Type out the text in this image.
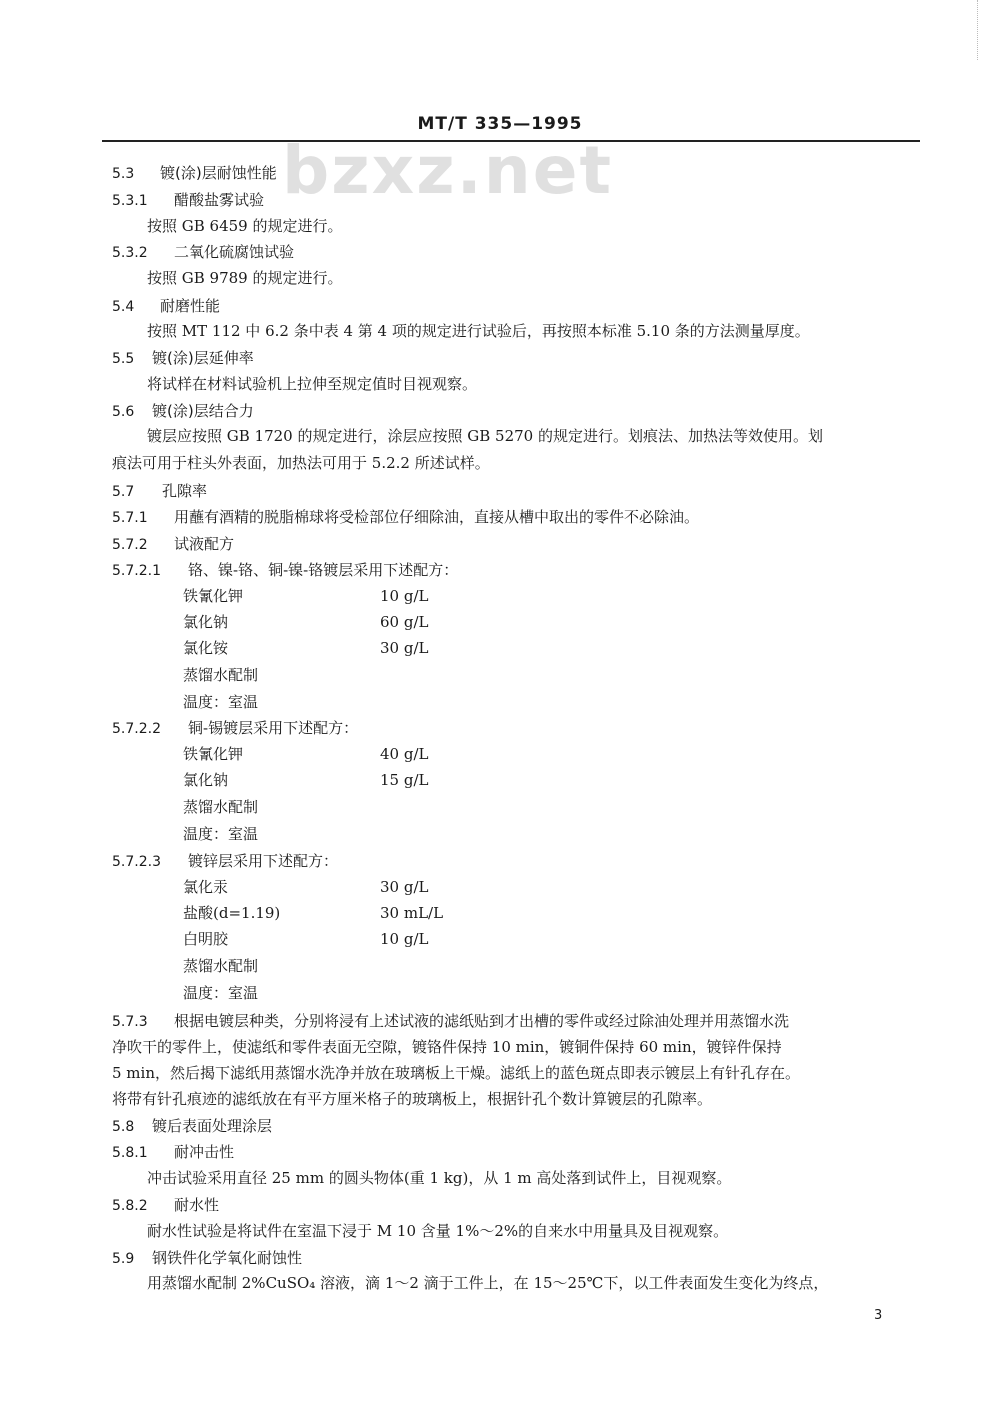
MT/T 335—1995
bzxz.net
5.3 镀(涂)层耐蚀性能
5.3.1 醋酸盐雾试验
按照 GB 6459 的规定进行。
5.3.2 二氧化硫腐蚀试验
按照 GB 9789 的规定进行。
5.4 耐磨性能
按照 MT 112 中 6.2 条中表 4 第 4 项的规定进行试验后，再按照本标准 5.10 条的方法测量厚度。
5.5 镀(涂)层延伸率
将试样在材料试验机上拉伸至规定值时目视观察。
5.6 镀(涂)层结合力
镀层应按照 GB 1720 的规定进行，涂层应按照 GB 5270 的规定进行。划痕法、加热法等效使用。划
痕法可用于柱头外表面，加热法可用于 5.2.2 所述试样。
5.7 孔隙率
5.7.1 用蘸有酒精的脱脂棉球将受检部位仔细除油，直接从槽中取出的零件不必除油。
5.7.2 试液配方
5.7.2.1 铬、镍-铬、铜-镍-铬镀层采用下述配方：
铁氰化钾	10 g/L
氯化钠	60 g/L
氯化铵	30 g/L
蒸馏水配制
温度：室温
5.7.2.2 铜-锡镀层采用下述配方：
铁氰化钾	40 g/L
氯化钠	15 g/L
蒸馏水配制
温度：室温
5.7.2.3 镀锌层采用下述配方：
氯化汞	30 g/L
盐酸(d=1.19)	30 mL/L
白明胶	10 g/L
蒸馏水配制
温度：室温
5.7.3 根据电镀层种类，分别将浸有上述试液的滤纸贴到才出槽的零件或经过除油处理并用蒸馏水洗
净吹干的零件上，使滤纸和零件表面无空隙，镀铬件保持 10 min，镀铜件保持 60 min，镀锌件保持
5 min，然后揭下滤纸用蒸馏水洗净并放在玻璃板上干燥。滤纸上的蓝色斑点即表示镀层上有针孔存在。
将带有针孔痕迹的滤纸放在有平方厘米格子的玻璃板上，根据针孔个数计算镀层的孔隙率。
5.8 镀后表面处理涂层
5.8.1 耐冲击性
冲击试验采用直径 25 mm 的圆头物体(重 1 kg)，从 1 m 高处落到试件上，目视观察。
5.8.2 耐水性
耐水性试验是将试件在室温下浸于 M 10 含量 1%～2%的自来水中用量具及目视观察。
5.9 钢铁件化学氧化耐蚀性
用蒸馏水配制 2%CuSO₄ 溶液，滴 1～2 滴于工件上，在 15～25℃下，以工件表面发生变化为终点，
3
